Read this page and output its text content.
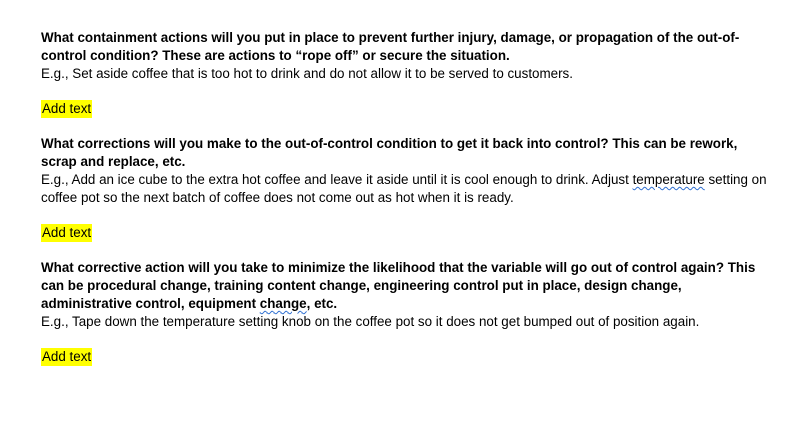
What containment actions will you put in place to prevent further injury, damage, or propagation of the out-of-control condition? These are actions to “rope off” or secure the situation.

E.g., Set aside coffee that is too hot to drink and do not allow it to be served to customers.

Add text

What corrections will you make to the out-of-control condition to get it back into control? This can be rework, scrap and replace, etc.

E.g., Add an ice cube to the extra hot coffee and leave it aside until it is cool enough to drink. Adjust temperature setting on coffee pot so the next batch of coffee does not come out as hot when it is ready.

Add text

What corrective action will you take to minimize the likelihood that the variable will go out of control again? This can be procedural change, training content change, engineering control put in place, design change, administrative control, equipment change, etc.

E.g., Tape down the temperature setting knob on the coffee pot so it does not get bumped out of position again.

Add text
